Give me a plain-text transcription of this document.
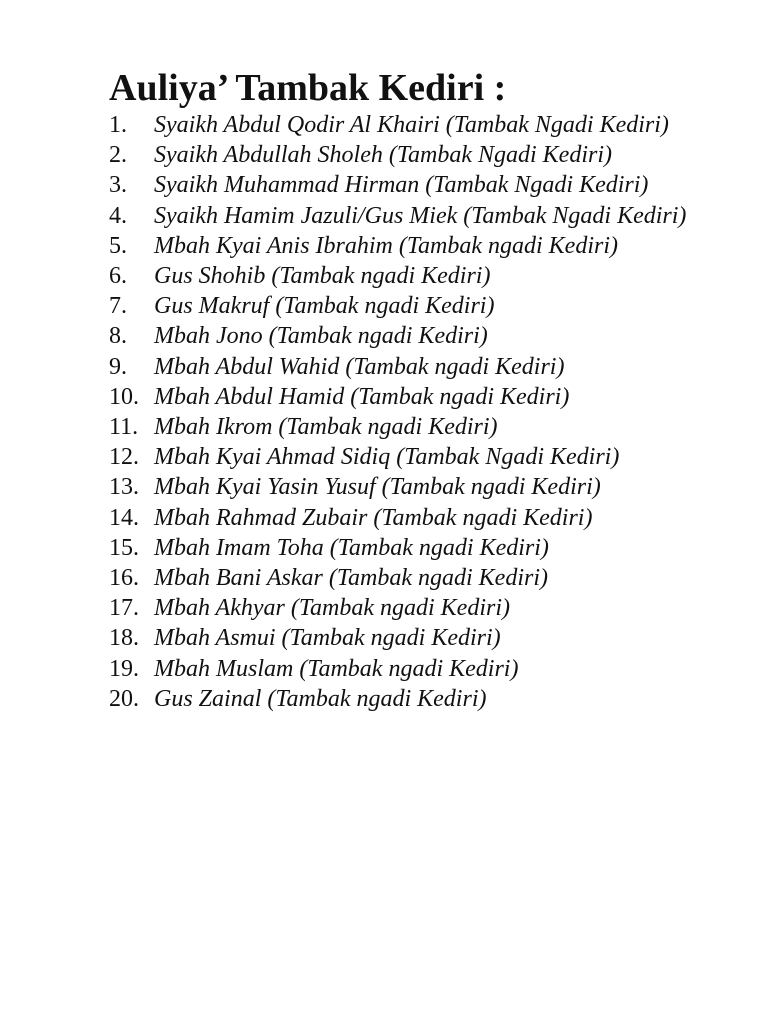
Auliya’ Tambak Kediri :
1.	Syaikh Abdul Qodir Al Khairi (Tambak Ngadi Kediri)
2.	Syaikh Abdullah Sholeh (Tambak Ngadi Kediri)
3.	Syaikh Muhammad Hirman (Tambak Ngadi Kediri)
4.	Syaikh Hamim Jazuli/Gus Miek (Tambak Ngadi Kediri)
5.	Mbah Kyai Anis Ibrahim (Tambak ngadi Kediri)
6.	Gus Shohib (Tambak ngadi Kediri)
7.	Gus Makruf (Tambak ngadi Kediri)
8.	Mbah Jono (Tambak ngadi Kediri)
9.	Mbah Abdul Wahid (Tambak ngadi Kediri)
10. Mbah Abdul Hamid (Tambak ngadi Kediri)
11. Mbah Ikrom (Tambak ngadi Kediri)
12. Mbah Kyai Ahmad Sidiq (Tambak Ngadi Kediri)
13. Mbah Kyai Yasin Yusuf (Tambak ngadi Kediri)
14. Mbah Rahmad Zubair (Tambak ngadi Kediri)
15. Mbah Imam Toha (Tambak ngadi Kediri)
16. Mbah Bani Askar (Tambak ngadi Kediri)
17. Mbah Akhyar (Tambak ngadi Kediri)
18. Mbah Asmui (Tambak ngadi Kediri)
19. Mbah Muslam (Tambak ngadi Kediri)
20. Gus Zainal (Tambak ngadi Kediri)
